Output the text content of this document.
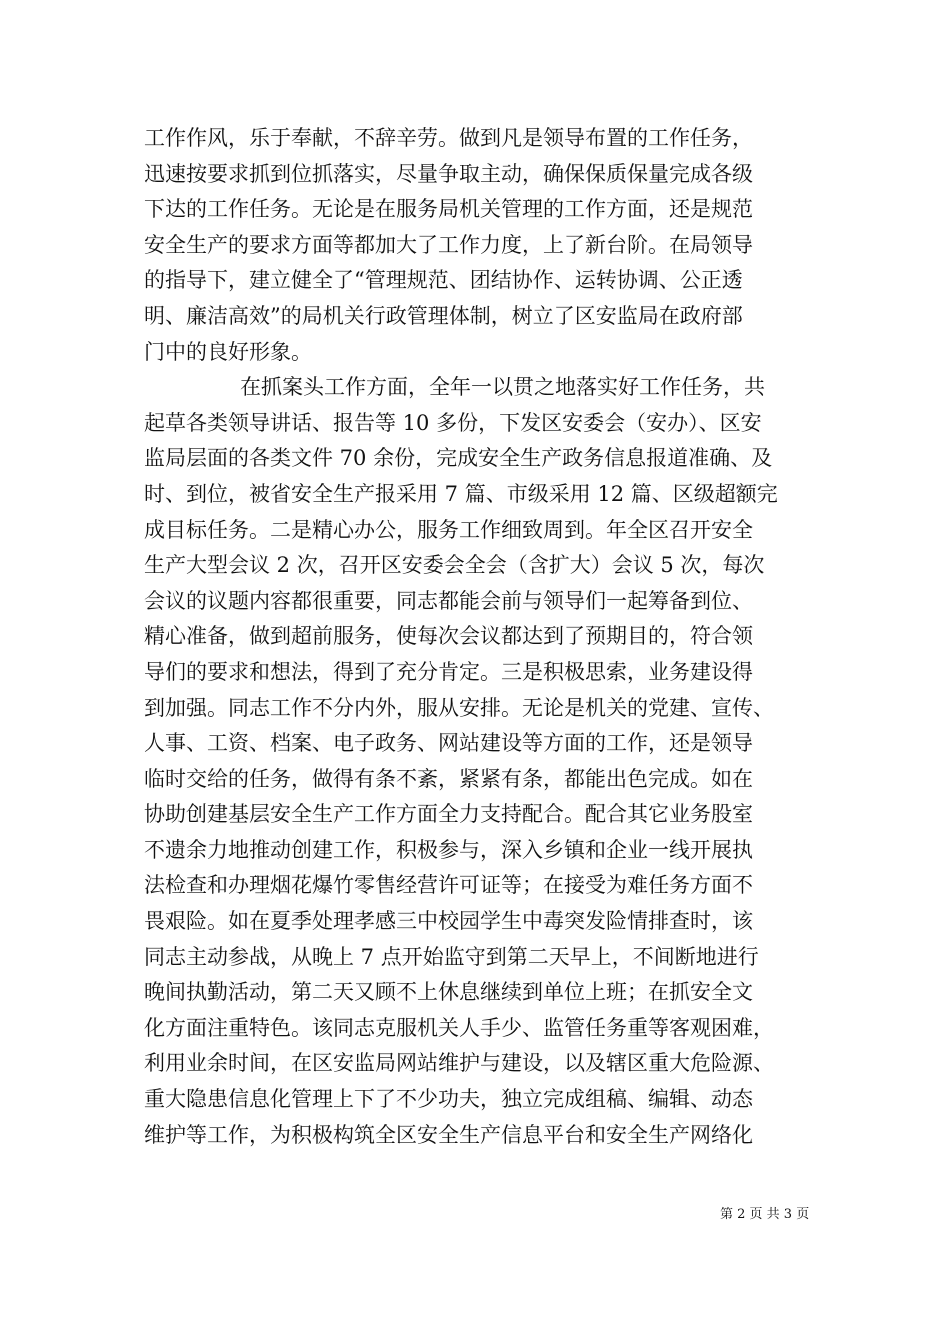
工作作风，乐于奉献，不辞辛劳。做到凡是领导布置的工作任务，
迅速按要求抓到位抓落实，尽量争取主动，确保保质保量完成各级
下达的工作任务。无论是在服务局机关管理的工作方面，还是规范
安全生产的要求方面等都加大了工作力度，上了新台阶。在局领导
的指导下，建立健全了“管理规范、团结协作、运转协调、公正透
明、廉洁高效”的局机关行政管理体制，树立了区安监局在政府部
门中的良好形象。
在抓案头工作方面，全年一以贯之地落实好工作任务，共
起草各类领导讲话、报告等 10 多份，下发区安委会（安办）、区安
监局层面的各类文件 70 余份，完成安全生产政务信息报道准确、及
时、到位，被省安全生产报采用 7 篇、市级采用 12 篇、区级超额完
成目标任务。二是精心办公，服务工作细致周到。年全区召开安全
生产大型会议 2 次，召开区安委会全会（含扩大）会议 5 次，每次
会议的议题内容都很重要，同志都能会前与领导们一起筹备到位、
精心准备，做到超前服务，使每次会议都达到了预期目的，符合领
导们的要求和想法，得到了充分肯定。三是积极思索，业务建设得
到加强。同志工作不分内外，服从安排。无论是机关的党建、宣传、
人事、工资、档案、电子政务、网站建设等方面的工作，还是领导
临时交给的任务，做得有条不紊，紧紧有条，都能出色完成。如在
协助创建基层安全生产工作方面全力支持配合。配合其它业务股室
不遗余力地推动创建工作，积极参与，深入乡镇和企业一线开展执
法检查和办理烟花爆竹零售经营许可证等；在接受为难任务方面不
畏艰险。如在夏季处理孝感三中校园学生中毒突发险情排查时，该
同志主动参战，从晚上 7 点开始监守到第二天早上，不间断地进行
晚间执勤活动，第二天又顾不上休息继续到单位上班；在抓安全文
化方面注重特色。该同志克服机关人手少、监管任务重等客观困难，
利用业余时间，在区安监局网站维护与建设，以及辖区重大危险源、
重大隐患信息化管理上下了不少功夫，独立完成组稿、编辑、动态
维护等工作，为积极构筑全区安全生产信息平台和安全生产网络化
第 2 页 共 3 页
